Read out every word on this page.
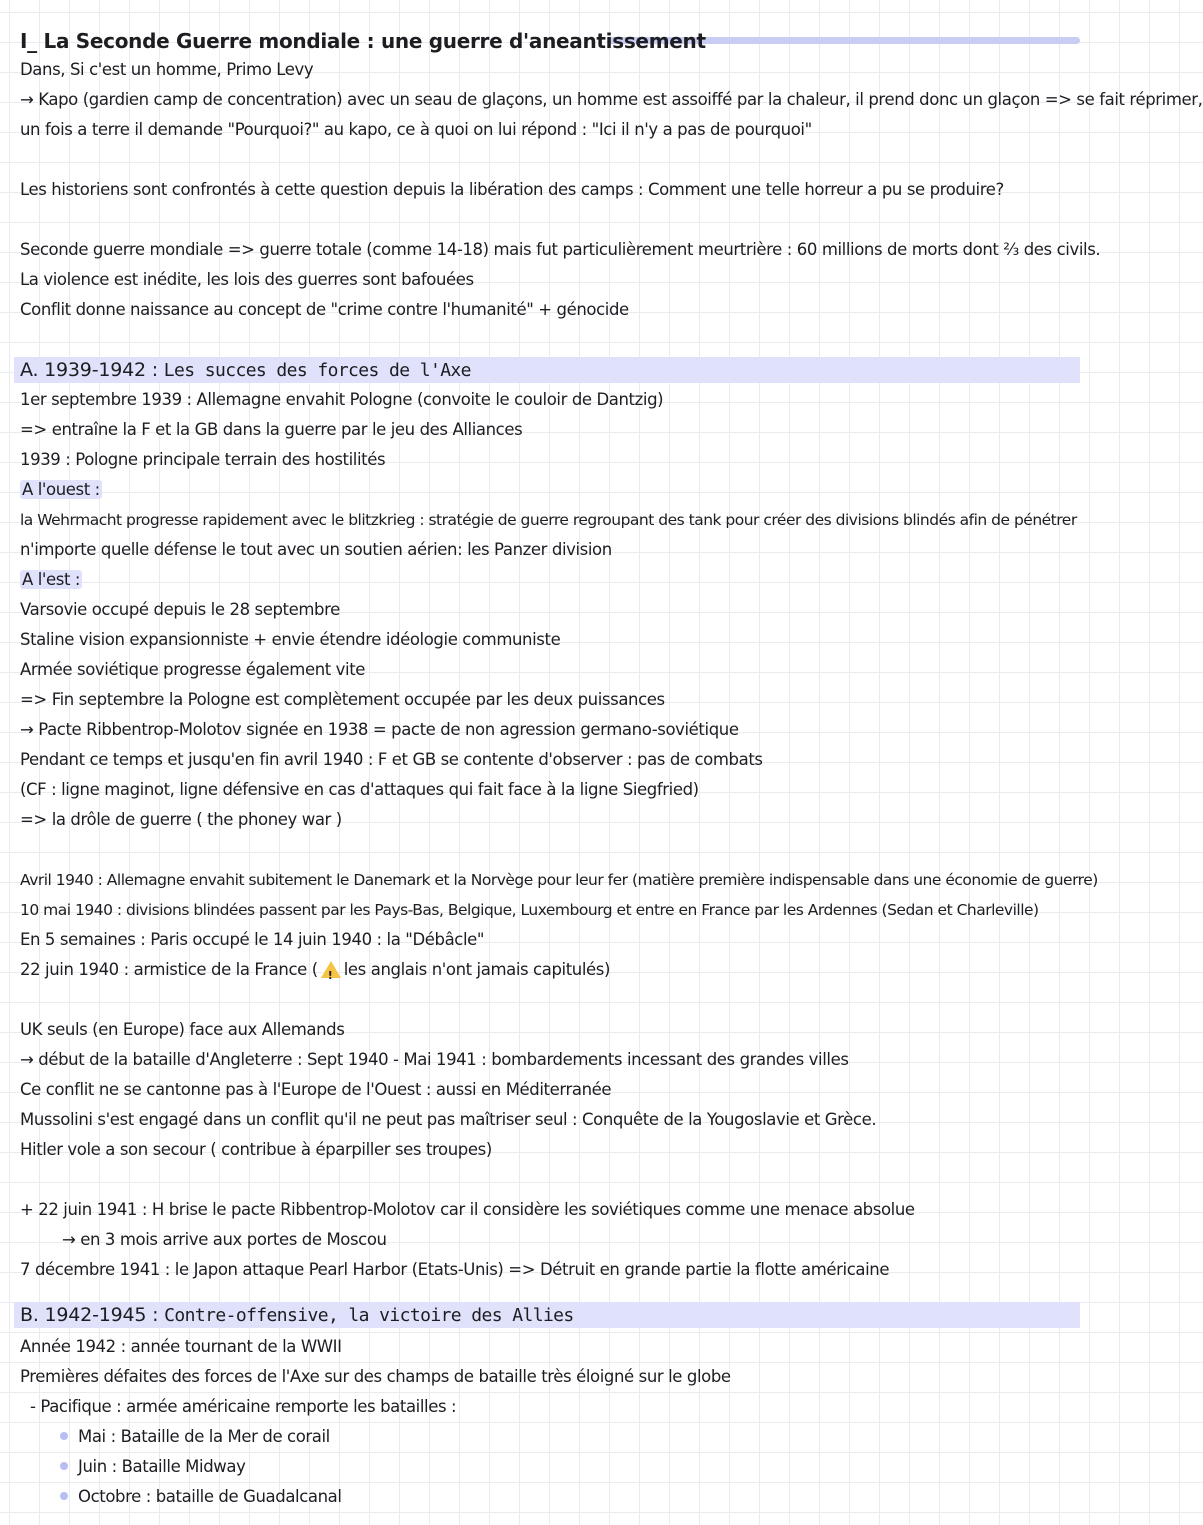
I_ La Seconde Guerre mondiale : une guerre d'aneantissement
Dans, Si c'est un homme, Primo Levy
→ Kapo (gardien camp de concentration) avec un seau de glaçons, un homme est assoiffé par la chaleur, il prend donc un glaçon => se fait réprimer,
un fois a terre il demande "Pourquoi?" au kapo, ce à quoi on lui répond : "Ici il n'y a pas de pourquoi"
Les historiens sont confrontés à cette question depuis la libération des camps : Comment une telle horreur a pu se produire?
Seconde guerre mondiale => guerre totale (comme 14-18) mais fut particulièrement meurtrière : 60 millions de morts dont ⅔ des civils.
La violence est inédite, les lois des guerres sont bafouées
Conflit donne naissance au concept de "crime contre l'humanité" + génocide
A. 1939-1942 : Les succes des forces de l'Axe
1er septembre 1939 : Allemagne envahit Pologne (convoite le couloir de Dantzig)
=> entraîne la F et la GB dans la guerre par le jeu des Alliances
1939 : Pologne principale terrain des hostilités
A l'ouest :
la Wehrmacht progresse rapidement avec le blitzkrieg : stratégie de guerre regroupant des tank pour créer des divisions blindés afin de pénétrer
n'importe quelle défense le tout avec un soutien aérien: les Panzer division
A l'est :
Varsovie occupé depuis le 28 septembre
Staline vision expansionniste + envie étendre idéologie communiste
Armée soviétique progresse également vite
=> Fin septembre la Pologne est complètement occupée par les deux puissances
→ Pacte Ribbentrop-Molotov signée en 1938 = pacte de non agression germano-soviétique
Pendant ce temps et jusqu'en fin avril 1940 : F et GB se contente d'observer : pas de combats
(CF : ligne maginot, ligne défensive en cas d'attaques qui fait face à la ligne Siegfried)
=> la drôle de guerre ( the phoney war )
Avril 1940 : Allemagne envahit subitement le Danemark et la Norvège pour leur fer (matière première indispensable dans une économie de guerre)
10 mai 1940 : divisions blindées passent par les Pays-Bas, Belgique, Luxembourg et entre en France par les Ardennes (Sedan et Charleville)
En 5 semaines : Paris occupé le 14 juin 1940 : la "Débâcle"
22 juin 1940 : armistice de la France (! les anglais n'ont jamais capitulés)
UK seuls (en Europe) face aux Allemands
→ début de la bataille d'Angleterre : Sept 1940 - Mai 1941 : bombardements incessant des grandes villes
Ce conflit ne se cantonne pas à l'Europe de l'Ouest : aussi en Méditerranée
Mussolini s'est engagé dans un conflit qu'il ne peut pas maîtriser seul : Conquête de la Yougoslavie et Grèce.
Hitler vole a son secour ( contribue à éparpiller ses troupes)
+ 22 juin 1941 : H brise le pacte Ribbentrop-Molotov car il considère les soviétiques comme une menace absolue
→ en 3 mois arrive aux portes de Moscou
7 décembre 1941 : le Japon attaque Pearl Harbor (Etats-Unis) => Détruit en grande partie la flotte américaine
B. 1942-1945 : Contre-offensive, la victoire des Allies
Année 1942 : année tournant de la WWII
Premières défaites des forces de l'Axe sur des champs de bataille très éloigné sur le globe
- Pacifique : armée américaine remporte les batailles :
Mai : Bataille de la Mer de corail
Juin : Bataille Midway
Octobre : bataille de Guadalcanal
